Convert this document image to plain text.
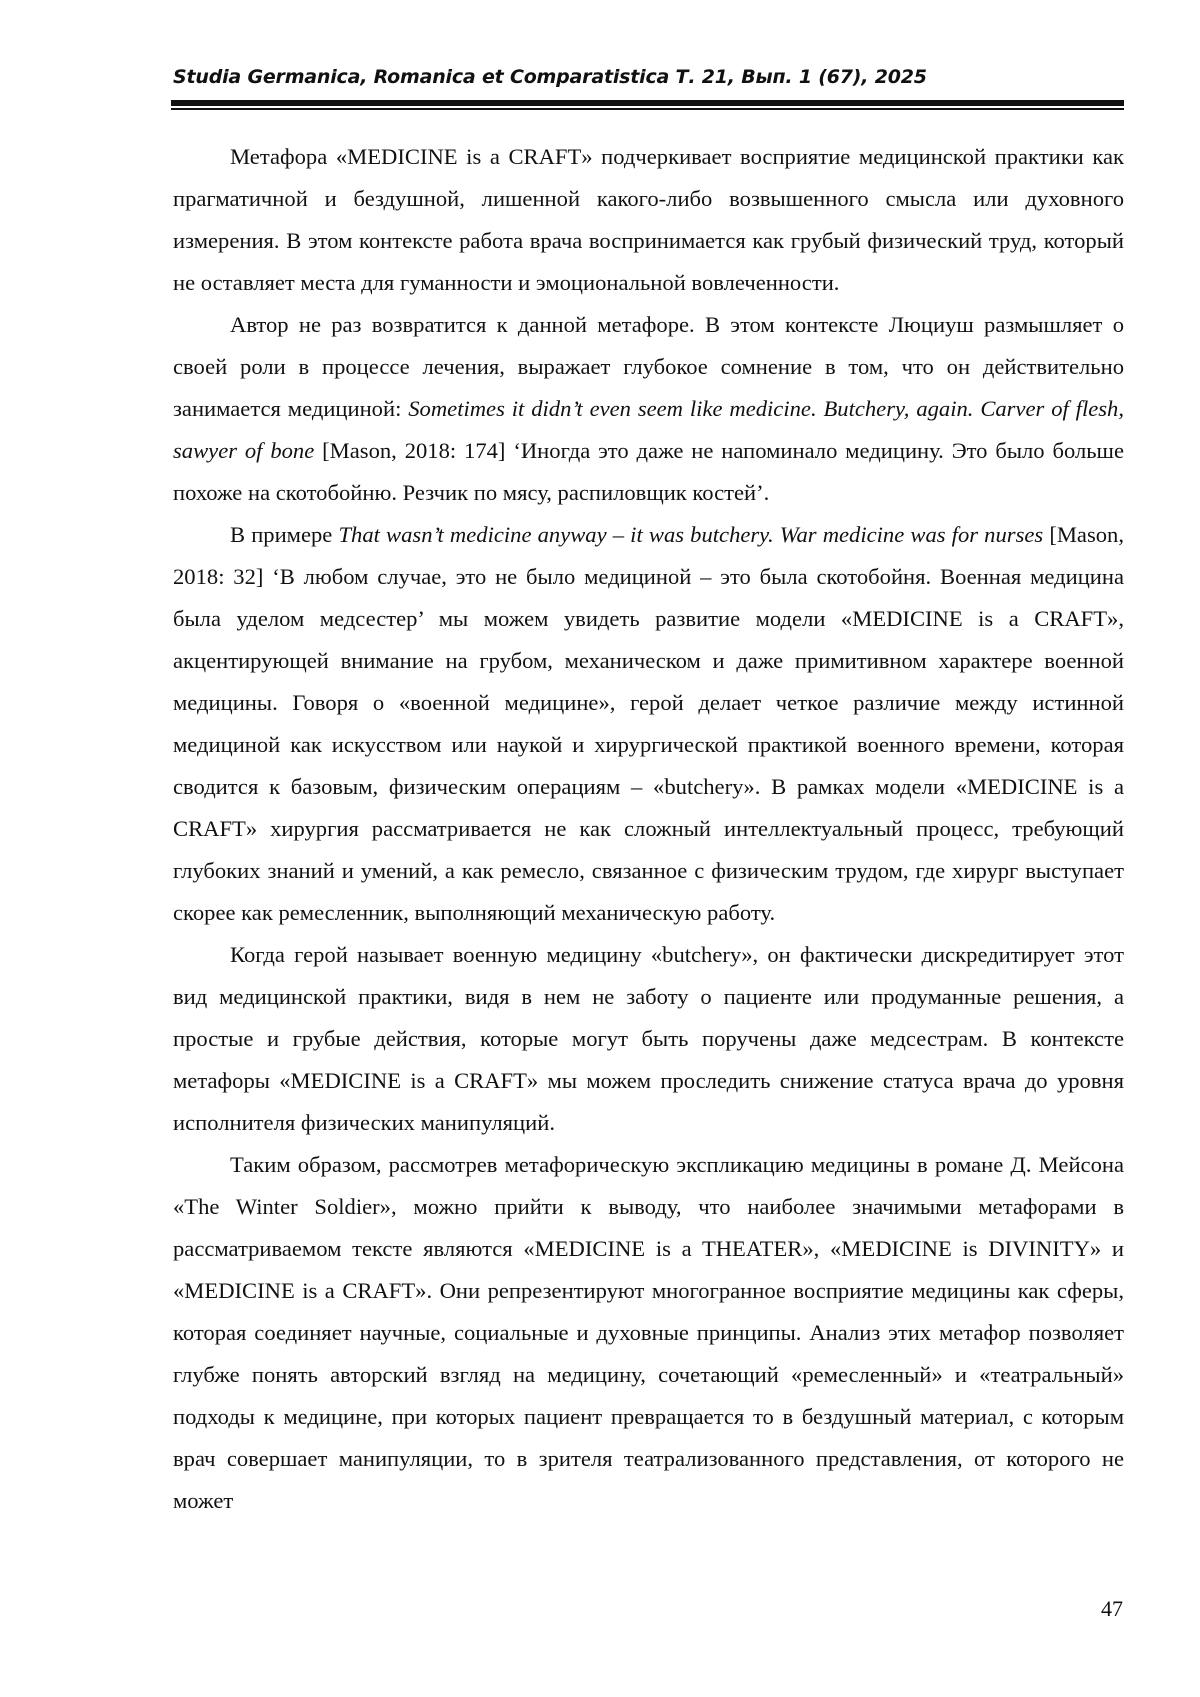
Studia Germanica, Romanica et Comparatistica Т. 21, Вып. 1 (67), 2025

Метафора «MEDICINE is a CRAFT» подчеркивает восприятие медицинской практики как прагматичной и бездушной, лишенной какого-либо возвышенного смысла или духовного измерения. В этом контексте работа врача воспринимается как грубый физический труд, который не оставляет места для гуманности и эмоциональной вовлеченности.

Автор не раз возвратится к данной метафоре. В этом контексте Люциуш размышляет о своей роли в процессе лечения, выражает глубокое сомнение в том, что он действительно занимается медициной: Sometimes it didn’t even seem like medicine. Butchery, again. Carver of flesh, sawyer of bone [Mason, 2018: 174] ‘Иногда это даже не напоминало медицину. Это было больше похоже на скотобойню. Резчик по мясу, распиловщик костей’.

В примере That wasn’t medicine anyway – it was butchery. War medicine was for nurses [Mason, 2018: 32] ‘В любом случае, это не было медициной – это была скотобойня. Военная медицина была уделом медсестер’ мы можем увидеть развитие модели «MEDICINE is a CRAFT», акцентирующей внимание на грубом, механическом и даже примитивном характере военной медицины. Говоря о «военной медицине», герой делает четкое различие между истинной медициной как искусством или наукой и хирургической практикой военного времени, которая сводится к базовым, физическим операциям – «butchery». В рамках модели «MEDICINE is a CRAFT» хирургия рассматривается не как сложный интеллектуальный процесс, требующий глубоких знаний и умений, а как ремесло, связанное с физическим трудом, где хирург выступает скорее как ремесленник, выполняющий механическую работу.

Когда герой называет военную медицину «butchery», он фактически дискредитирует этот вид медицинской практики, видя в нем не заботу о пациенте или продуманные решения, а простые и грубые действия, которые могут быть поручены даже медсестрам. В контексте метафоры «MEDICINE is a CRAFT» мы можем проследить снижение статуса врача до уровня исполнителя физических манипуляций.

Таким образом, рассмотрев метафорическую экспликацию медицины в романе Д. Мейсона «The Winter Soldier», можно прийти к выводу, что наиболее значимыми метафорами в рассматриваемом тексте являются «MEDICINE is a THEATER», «MEDICINE is DIVINITY» и «MEDICINE is a CRAFT». Они репрезентируют многогранное восприятие медицины как сферы, которая соединяет научные, социальные и духовные принципы. Анализ этих метафор позволяет глубже понять авторский взгляд на медицину, сочетающий «ремесленный» и «театральный» подходы к медицине, при которых пациент превращается то в бездушный материал, с которым врач совершает манипуляции, то в зрителя театрализованного представления, от которого не может

47
